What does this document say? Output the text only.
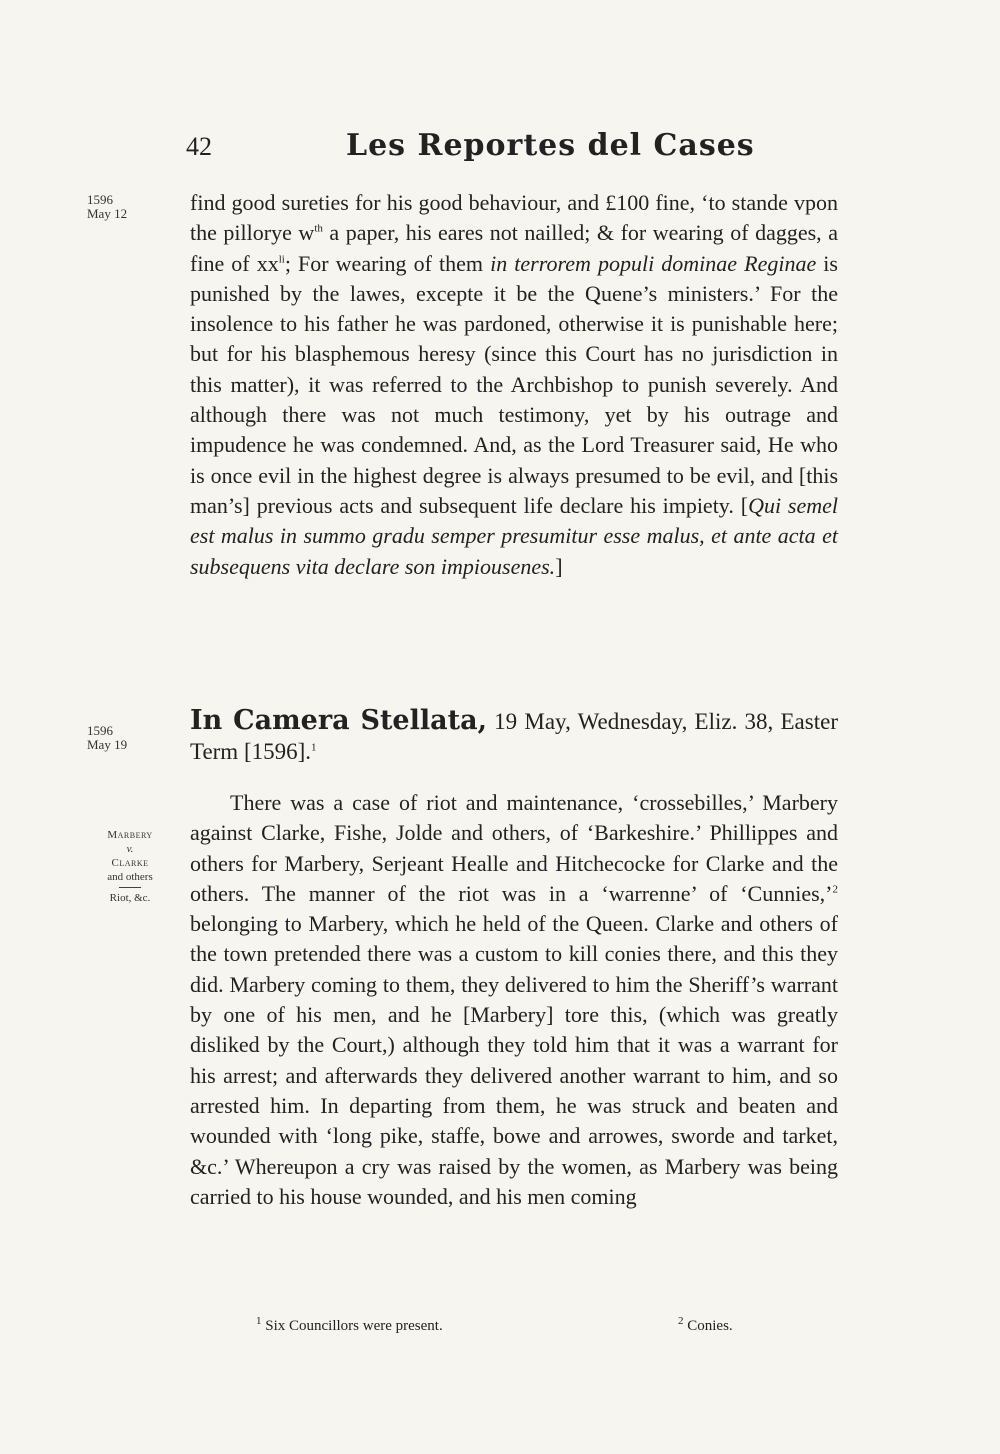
42	Les Reportes del Cases
1596
May 12
1596
May 19
Marbery
v.
Clarke
and others
Riot, &c.

find good sureties for his good behaviour, and £100 fine, ‘to stande vpon the pillorye $w^{th}$ a paper, his eares not nailled; & for wearing of dagges, a fine of $xx^{li}$; For wearing of them in terrorem populi dominae Reginae is punished by the lawes, excepte it be the Quene’s ministers.’ For the insolence to his father he was pardoned, otherwise it is punishable here; but for his blasphemous heresy (since this Court has no jurisdiction in this matter), it was referred to the Archbishop to punish severely. And although there was not much testimony, yet by his outrage and impudence he was condemned. And, as the Lord Treasurer said, He who is once evil in the highest degree is always presumed to be evil, and [this man’s] previous acts and subsequent life declare his impiety. [Qui semel est malus in summo gradu semper presumitur esse malus, et ante acta et subsequens vita declare son impiousenes.]

In Camera Stellata, 19 May, Wednesday, Eliz. 38, Easter Term [1596].$^1$

There was a case of riot and maintenance, ‘crossebilles,’ Marbery against Clarke, Fishe, Jolde and others, of ‘Barkeshire.’ Phillippes and others for Marbery, Serjeant Healle and Hitchecocke for Clarke and the others. The manner of the riot was in a ‘warrenne’ of ‘Cunnies,’$^2$ belonging to Marbery, which he held of the Queen. Clarke and others of the town pretended there was a custom to kill conies there, and this they did. Marbery coming to them, they delivered to him the Sheriff’s warrant by one of his men, and he [Marbery] tore this, (which was greatly disliked by the Court,) although they told him that it was a warrant for his arrest; and afterwards they delivered another warrant to him, and so arrested him. In departing from them, he was struck and beaten and wounded with ‘long pike, staffe, bowe and arrowes, sworde and tarket, &c.’ Whereupon a cry was raised by the women, as Marbery was being carried to his house wounded, and his men coming

$^1$ Six Councillors were present.	$^2$ Conies.
